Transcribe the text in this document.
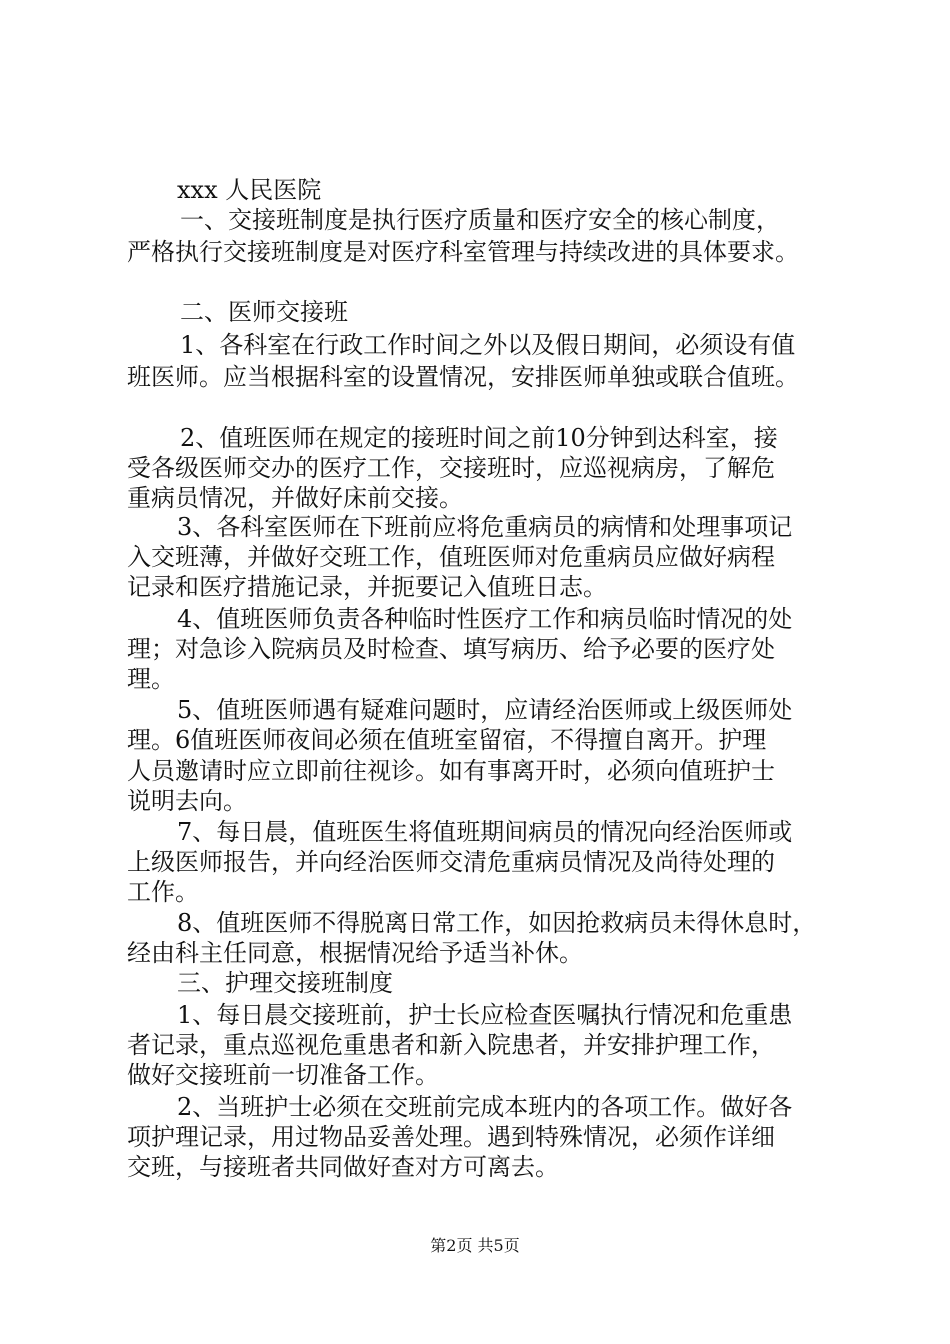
xxx 人民医院
一、交接班制度是执行医疗质量和医疗安全的核心制度，
严格执行交接班制度是对医疗科室管理与持续改进的具体要求。
二、医师交接班
1、各科室在行政工作时间之外以及假日期间，必须设有值
班医师。应当根据科室的设置情况，安排医师单独或联合值班。
2、值班医师在规定的接班时间之前10分钟到达科室，接
受各级医师交办的医疗工作，交接班时，应巡视病房，了解危
重病员情况，并做好床前交接。
3、各科室医师在下班前应将危重病员的病情和处理事项记
入交班薄，并做好交班工作，值班医师对危重病员应做好病程
记录和医疗措施记录，并扼要记入值班日志。
4、值班医师负责各种临时性医疗工作和病员临时情况的处
理；对急诊入院病员及时检查、填写病历、给予必要的医疗处
理。
5、值班医师遇有疑难问题时，应请经治医师或上级医师处
理。6值班医师夜间必须在值班室留宿，不得擅自离开。护理
人员邀请时应立即前往视诊。如有事离开时，必须向值班护士
说明去向。
7、每日晨，值班医生将值班期间病员的情况向经治医师或
上级医师报告，并向经治医师交清危重病员情况及尚待处理的
工作。
8、值班医师不得脱离日常工作，如因抢救病员未得休息时，
经由科主任同意，根据情况给予适当补休。
三、护理交接班制度
1、每日晨交接班前，护士长应检查医嘱执行情况和危重患
者记录，重点巡视危重患者和新入院患者，并安排护理工作，
做好交接班前一切准备工作。
2、当班护士必须在交班前完成本班内的各项工作。做好各
项护理记录，用过物品妥善处理。遇到特殊情况，必须作详细
交班，与接班者共同做好查对方可离去。
第2页 共5页
